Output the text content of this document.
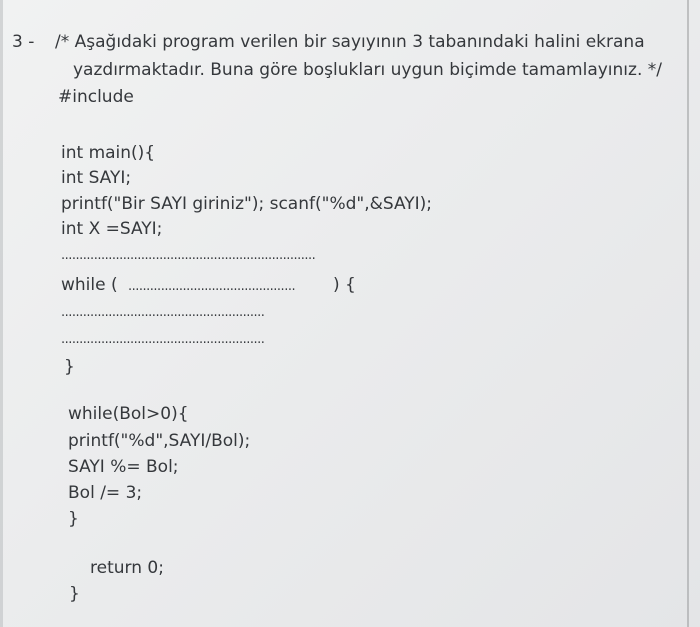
3 - /* Aşağıdaki program verilen bir sayıyının 3 tabanındaki halini ekrana
yazdırmaktadır. Buna göre boşlukları uygun biçimde tamamlayınız. */
#include
int main(){
int SAYI;
printf("Bir SAYI giriniz"); scanf("%d",&SAYI);
int X =SAYI;
......................................................................
while ( .............................................. ) {
........................................................
........................................................
}
while(Bol>0){
printf("%d",SAYI/Bol);
SAYI %= Bol;
Bol /= 3;
}
return 0;
}
